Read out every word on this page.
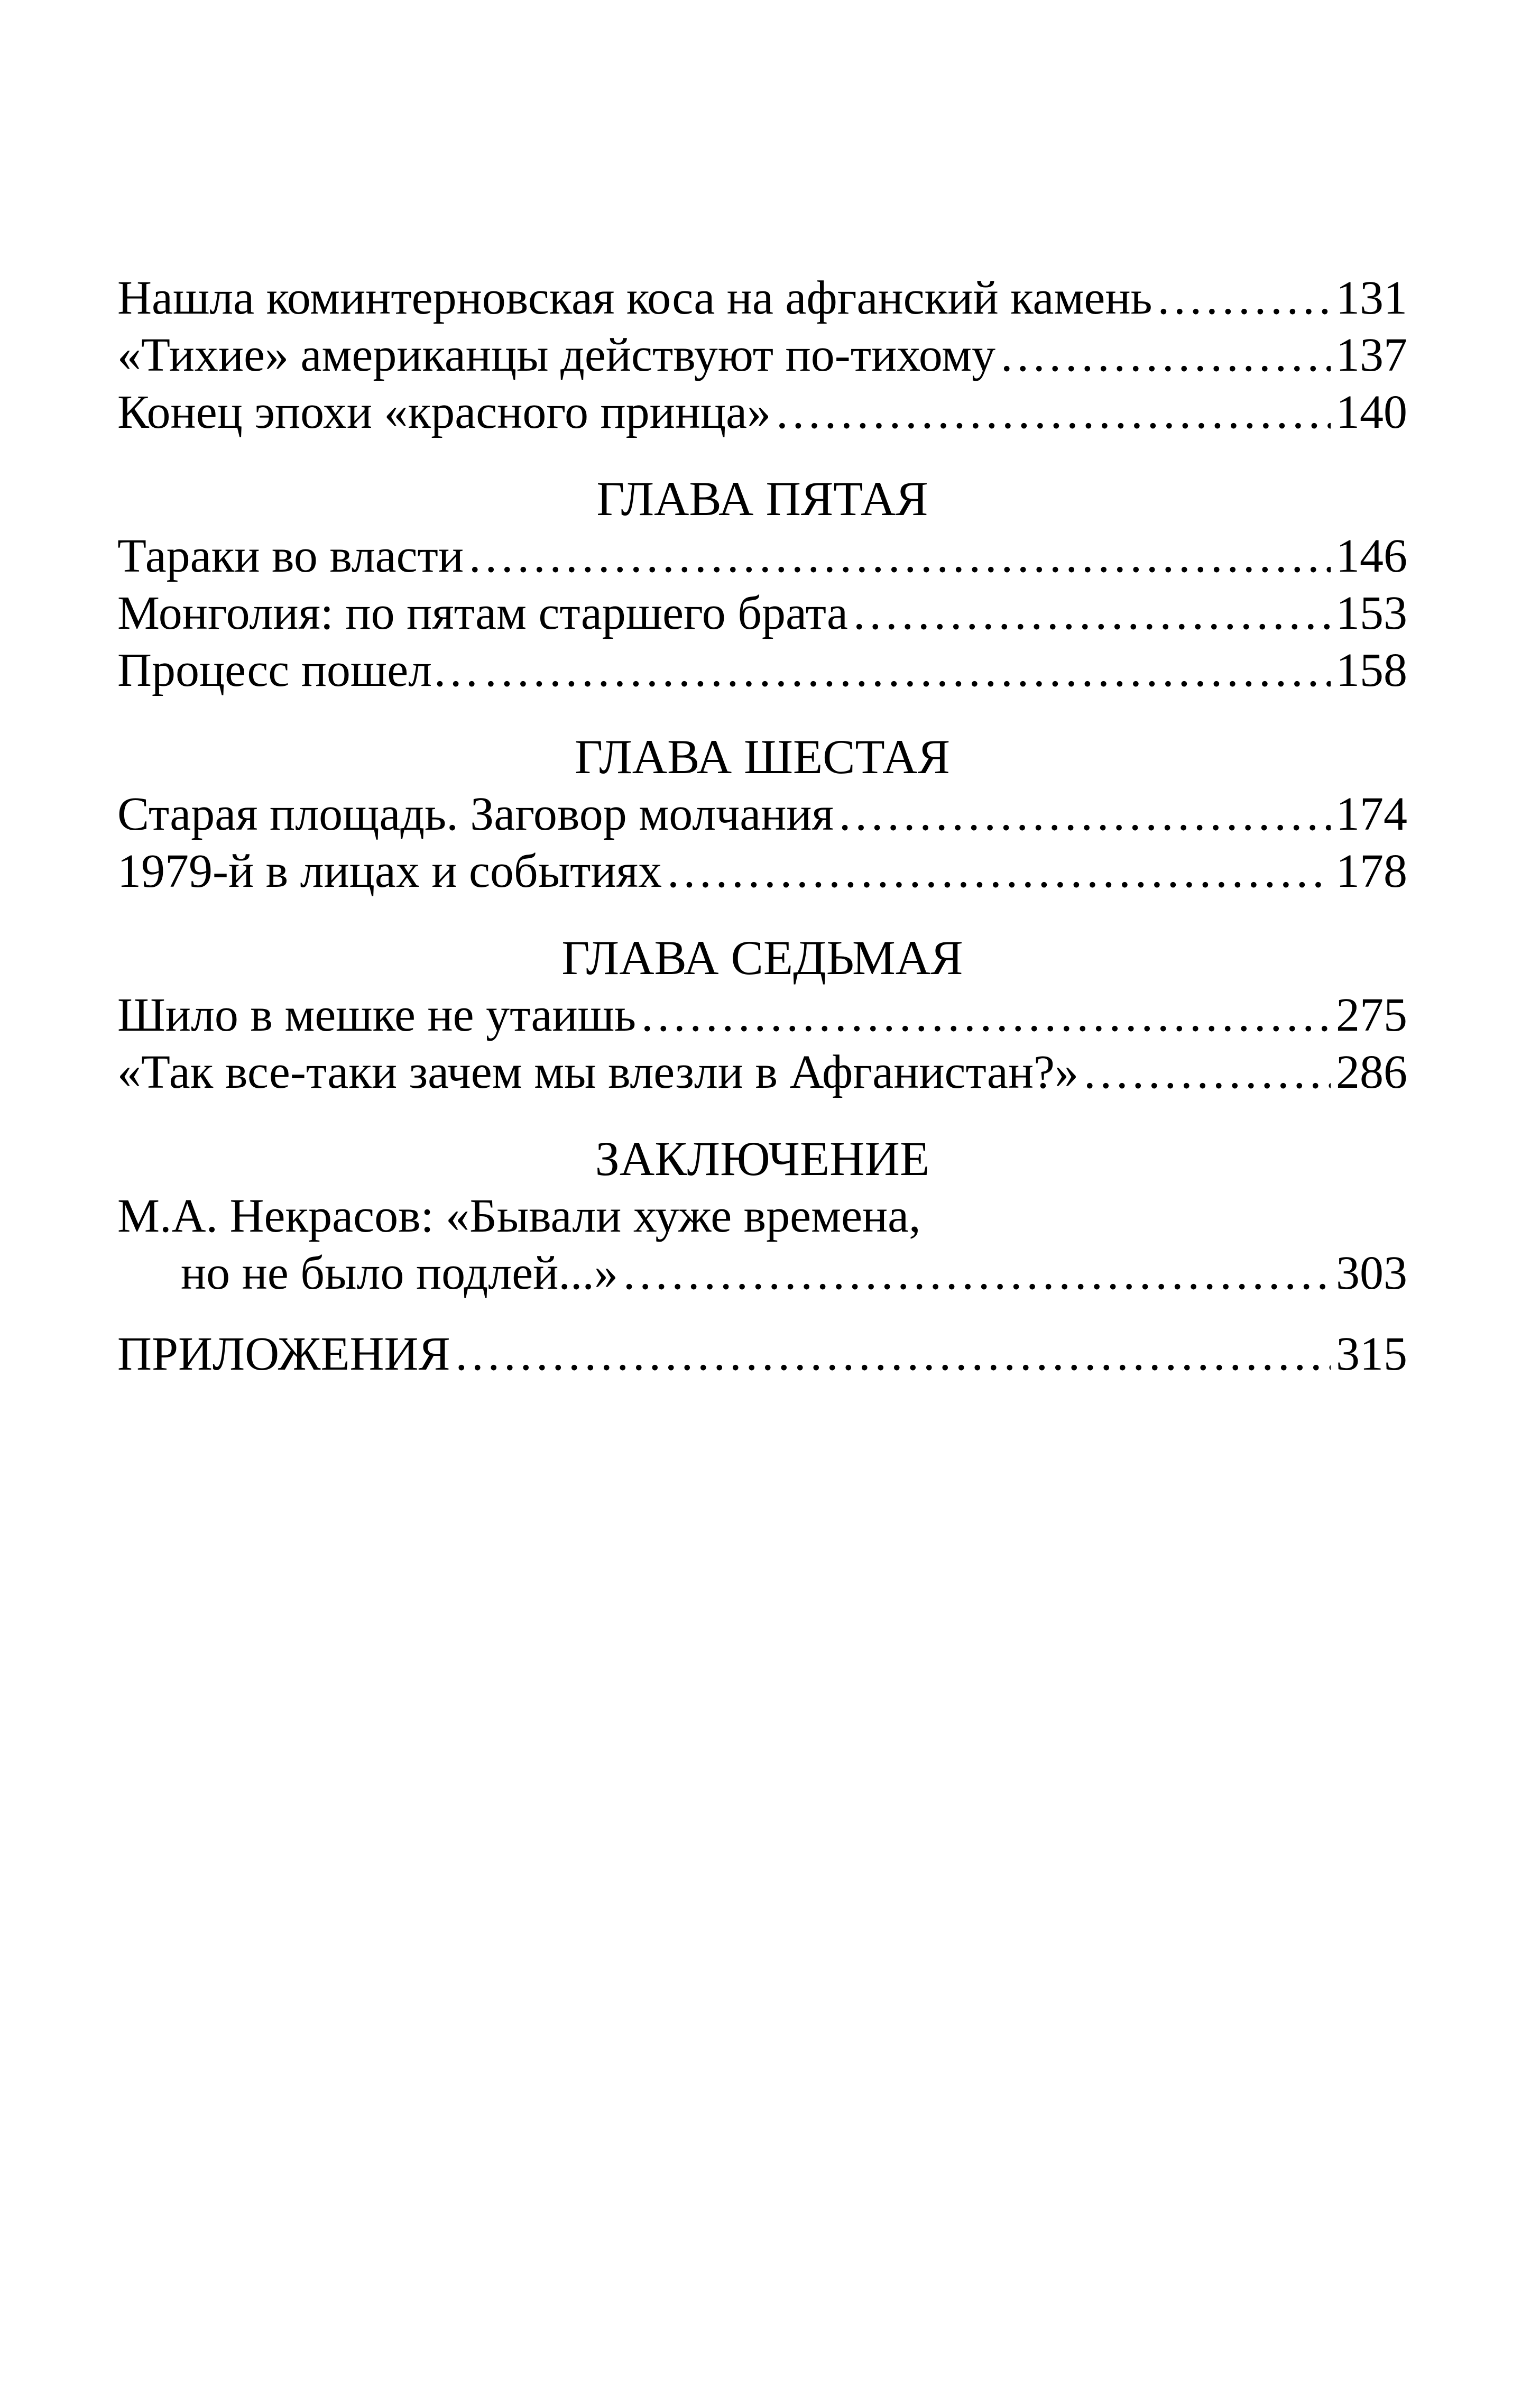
Нашла коминтерновская коса на афганский камень .....	131
«Тихие» американцы действуют по-тихому .....	137
Конец эпохи «красного принца» .....	140
ГЛАВА ПЯТАЯ
Тараки во власти .....	146
Монголия: по пятам старшего брата .....	153
Процесс пошел… .....	158
ГЛАВА ШЕСТАЯ
Старая площадь. Заговор молчания .....	174
1979-й в лицах и событиях .....	178
ГЛАВА СЕДЬМАЯ
Шило в мешке не утаишь .....	275
«Так все-таки зачем мы влезли в Афганистан?» .....	286
ЗАКЛЮЧЕНИЕ
М.А. Некрасов: «Бывали хуже времена,
но не было подлей...» .....	303
ПРИЛОЖЕНИЯ .....	315
